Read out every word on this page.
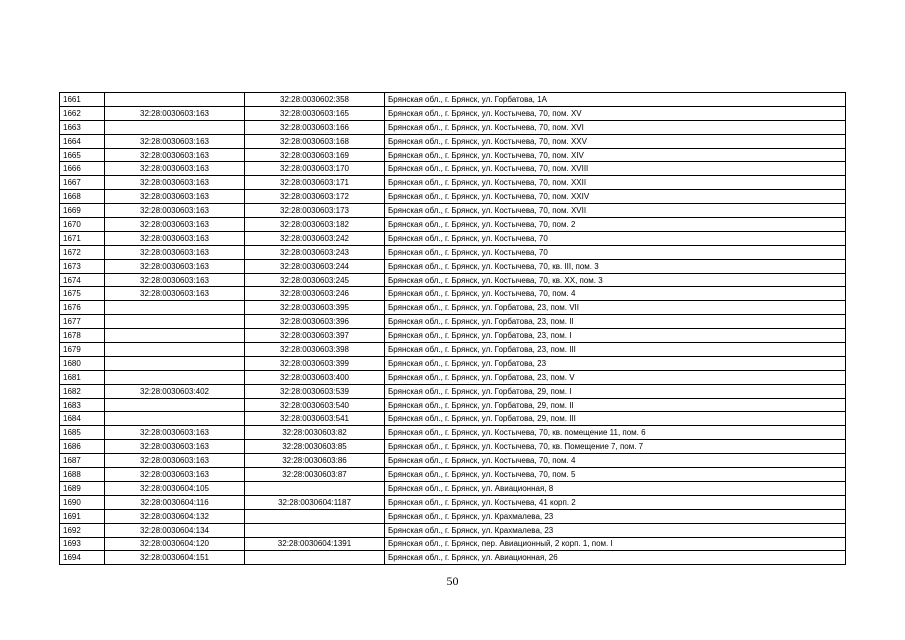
1661		32:28:0030602:358	Брянская обл., г. Брянск, ул. Горбатова, 1А
1662	32:28:0030603:163	32:28:0030603:165	Брянская обл., г. Брянск, ул. Костычева, 70, пом. XV
1663		32:28:0030603:166	Брянская обл., г. Брянск, ул. Костычева, 70, пом. XVI
1664	32:28:0030603:163	32:28:0030603:168	Брянская обл., г. Брянск, ул. Костычева, 70, пом. XXV
1665	32:28:0030603:163	32:28:0030603:169	Брянская обл., г. Брянск, ул. Костычева, 70, пом. XIV
1666	32:28:0030603:163	32:28:0030603:170	Брянская обл., г. Брянск, ул. Костычева, 70, пом. XVIII
1667	32:28:0030603:163	32:28:0030603:171	Брянская обл., г. Брянск, ул. Костычева, 70, пом. XXII
1668	32:28:0030603:163	32:28:0030603:172	Брянская обл., г. Брянск, ул. Костычева, 70, пом. XXIV
1669	32:28:0030603:163	32:28:0030603:173	Брянская обл., г. Брянск, ул. Костычева, 70, пом. XVII
1670	32:28:0030603:163	32:28:0030603:182	Брянская обл., г. Брянск, ул. Костычева, 70, пом. 2
1671	32:28:0030603:163	32:28:0030603:242	Брянская обл., г. Брянск, ул. Костычева, 70
1672	32:28:0030603:163	32:28:0030603:243	Брянская обл., г. Брянск, ул. Костычева, 70
1673	32:28:0030603:163	32:28:0030603:244	Брянская обл., г. Брянск, ул. Костычева, 70, кв. III, пом. 3
1674	32:28:0030603:163	32:28:0030603:245	Брянская обл., г. Брянск, ул. Костычева, 70, кв. XX, пом. 3
1675	32:28:0030603:163	32:28:0030603:246	Брянская обл., г. Брянск, ул. Костычева, 70, пом. 4
1676		32:28:0030603:395	Брянская обл., г. Брянск, ул. Горбатова, 23, пом. VII
1677		32:28:0030603:396	Брянская обл., г. Брянск, ул. Горбатова, 23, пом. II
1678		32:28:0030603:397	Брянская обл., г. Брянск, ул. Горбатова, 23, пом. I
1679		32:28:0030603:398	Брянская обл., г. Брянск, ул. Горбатова, 23, пом. III
1680		32:28:0030603:399	Брянская обл., г. Брянск, ул. Горбатова, 23
1681		32:28:0030603:400	Брянская обл., г. Брянск, ул. Горбатова, 23, пом. V
1682	32:28:0030603:402	32:28:0030603:539	Брянская обл., г. Брянск, ул. Горбатова, 29, пом. I
1683		32:28:0030603:540	Брянская обл., г. Брянск, ул. Горбатова, 29, пом. II
1684		32:28:0030603:541	Брянская обл., г. Брянск, ул. Горбатова, 29, пом. III
1685	32:28:0030603:163	32:28:0030603:82	Брянская обл., г. Брянск, ул. Костычева, 70, кв. помещение 11, пом. 6
1686	32:28:0030603:163	32:28:0030603:85	Брянская обл., г. Брянск, ул. Костычева, 70, кв. Помещение 7, пом. 7
1687	32:28:0030603:163	32:28:0030603:86	Брянская обл., г. Брянск, ул. Костычева, 70, пом. 4
1688	32:28:0030603:163	32:28:0030603:87	Брянская обл., г. Брянск, ул. Костычева, 70, пом. 5
1689	32:28:0030604:105		Брянская обл., г. Брянск, ул. Авиационная, 8
1690	32:28:0030604:116	32:28:0030604:1187	Брянская обл., г. Брянск, ул. Костычева, 41 корп. 2
1691	32:28:0030604:132		Брянская обл., г. Брянск, ул. Крахмалева, 23
1692	32:28:0030604:134		Брянская обл., г. Брянск, ул. Крахмалева, 23
1693	32:28:0030604:120	32:28:0030604:1391	Брянская обл., г. Брянск, пер. Авиационный, 2 корп. 1, пом. I
1694	32:28:0030604:151		Брянская обл., г. Брянск, ул. Авиационная, 26
50
